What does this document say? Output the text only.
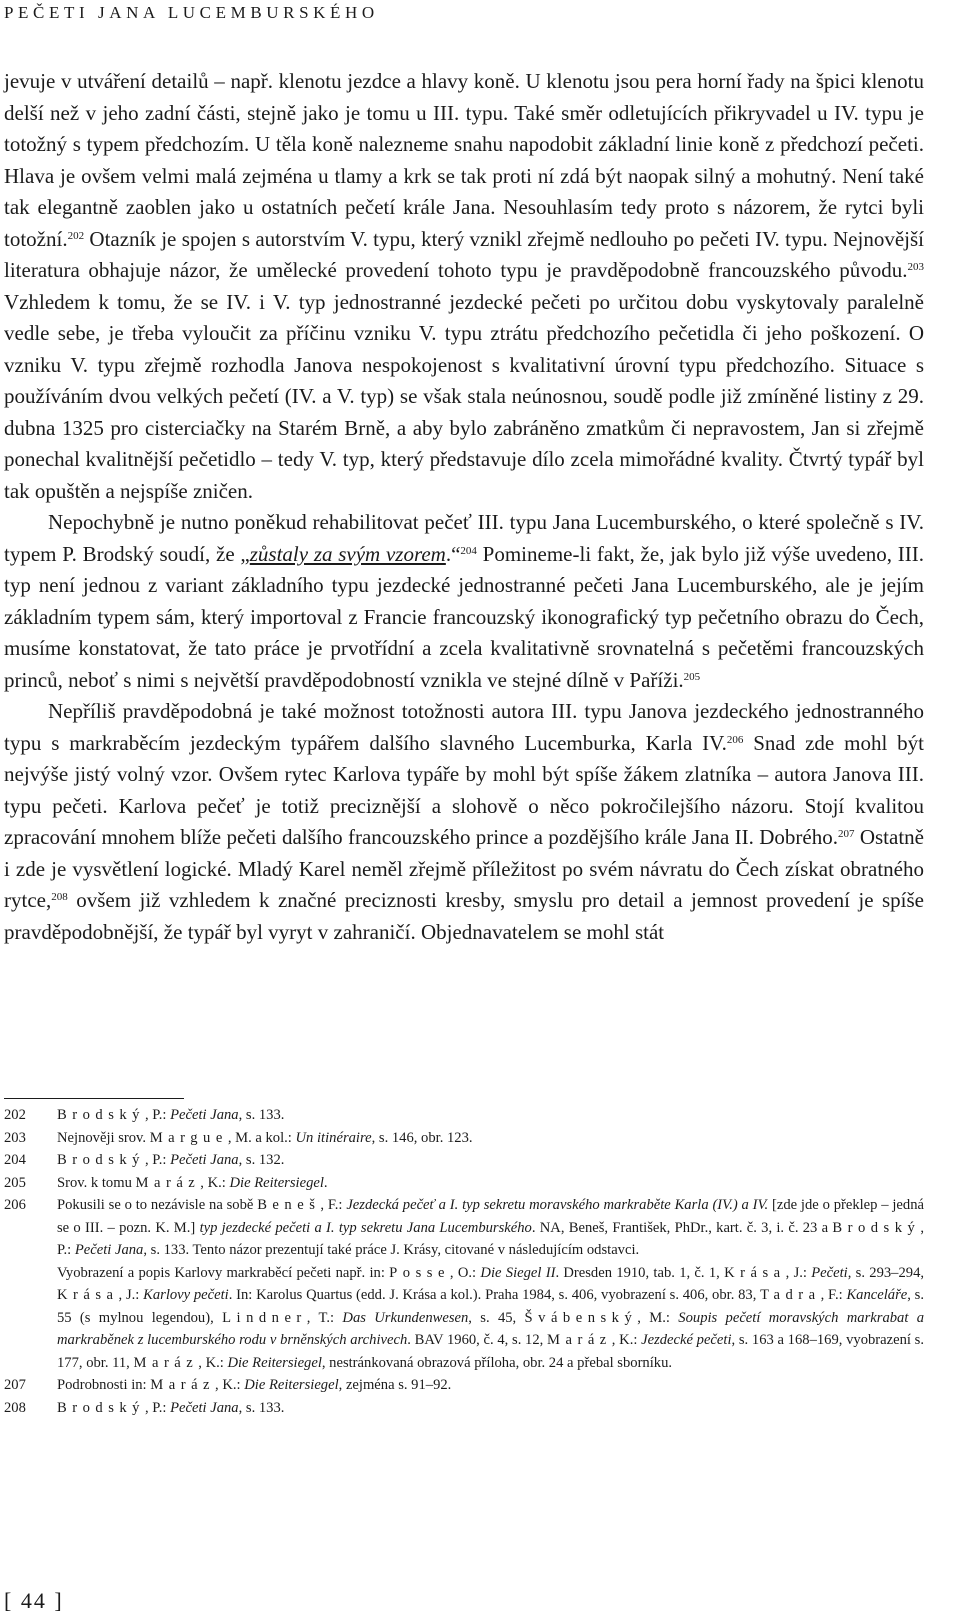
PEČETI JANA LUCEMBURSKÉHO

jevuje v utváření detailů – např. klenotu jezdce a hlavy koně. U klenotu jsou pera horní řady na špici klenotu delší než v jeho zadní části, stejně jako je tomu u III. typu. Také směr odletujících přikryvadel u IV. typu je totožný s typem předchozím. U těla koně nalezneme snahu napodobit základní linie koně z předchozí pečeti. Hlava je ovšem velmi malá zejména u tlamy a krk se tak proti ní zdá být naopak silný a mohutný. Není také tak elegantně zaoblen jako u ostatních pečetí krále Jana. Nesouhlasím tedy proto s názorem, že rytci byli totožní.$^{202}$ Otazník je spojen s autorstvím V. typu, který vznikl zřejmě nedlouho po pečeti IV. typu. Nejnovější literatura obhajuje názor, že umělecké provedení tohoto typu je pravděpodobně francouzského původu.$^{203}$ Vzhledem k tomu, že se IV. i V. typ jednostranné jezdecké pečeti po určitou dobu vyskytovaly paralelně vedle sebe, je třeba vyloučit za příčinu vzniku V. typu ztrátu předchozího pečetidla či jeho poškození. O vzniku V. typu zřejmě rozhodla Janova nespokojenost s kvalitativní úrovní typu předchozího. Situace s používáním dvou velkých pečetí (IV. a V. typ) se však stala neúnosnou, soudě podle již zmíněné listiny z 29. dubna 1325 pro cisterciačky na Starém Brně, a aby bylo zabráněno zmatkům či nepravostem, Jan si zřejmě ponechal kvalitnější pečetidlo – tedy V. typ, který představuje dílo zcela mimořádné kvality. Čtvrtý typář byl tak opuštěn a nejspíše zničen.

Nepochybně je nutno poněkud rehabilitovat pečeť III. typu Jana Lucemburského, o které společně s IV. typem P. Brodský soudí, že „zůstaly za svým vzorem.“$^{204}$ Pomineme-li fakt, že, jak bylo již výše uvedeno, III. typ není jednou z variant základního typu jezdecké jednostranné pečeti Jana Lucemburského, ale je jejím základním typem sám, který importoval z Francie francouzský ikonografický typ pečetního obrazu do Čech, musíme konstatovat, že tato práce je prvotřídní a zcela kvalitativně srovnatelná s pečetěmi francouzských princů, neboť s nimi s největší pravděpodobností vznikla ve stejné dílně v Paříži.$^{205}$

Nepříliš pravděpodobná je také možnost totožnosti autora III. typu Janova jezdeckého jednostranného typu s markraběcím jezdeckým typářem dalšího slavného Lucemburka, Karla IV.$^{206}$ Snad zde mohl být nejvýše jistý volný vzor. Ovšem rytec Karlova typáře by mohl být spíše žákem zlatníka – autora Janova III. typu pečeti. Karlova pečeť je totiž preciznější a slohově o něco pokročilejšího názoru. Stojí kvalitou zpracování mnohem blíže pečeti dalšího francouzského prince a pozdějšího krále Jana II. Dobrého.$^{207}$ Ostatně i zde je vysvětlení logické. Mladý Karel neměl zřejmě příležitost po svém návratu do Čech získat obratného rytce,$^{208}$ ovšem již vzhledem k značné preciznosti kresby, smyslu pro detail a jemnost provedení je spíše pravděpodobnější, že typář byl vyryt v zahraničí. Objednavatelem se mohl stát

202	Brodský, P.: Pečeti Jana, s. 133.
203	Nejnověji srov. Margue, M. a kol.: Un itinéraire, s. 146, obr. 123.
204	Brodský, P.: Pečeti Jana, s. 132.
205	Srov. k tomu Maráz, K.: Die Reitersiegel.
206	Pokusili se o to nezávisle na sobě Beneš, F.: Jezdecká pečeť a I. typ sekretu moravského markraběte Karla (IV.) a IV. [zde jde o překlep – jedná se o III. – pozn. K. M.] typ jezdecké pečeti a I. typ sekretu Jana Lucemburského. NA, Beneš, František, PhDr., kart. č. 3, i. č. 23 a Brodský, P.: Pečeti Jana, s. 133. Tento názor prezentují také práce J. Krásy, citované v následujícím odstavci.
Vyobrazení a popis Karlovy markraběcí pečeti např. in: Posse, O.: Die Siegel II. Dresden 1910, tab. 1, č. 1, Krása, J.: Pečeti, s. 293–294, Krása, J.: Karlovy pečeti. In: Karolus Quartus (edd. J. Krása a kol.). Praha 1984, s. 406, vyobrazení s. 406, obr. 83, Tadra, F.: Kanceláře, s. 55 (s mylnou legendou), Lindner, T.: Das Urkundenwesen, s. 45, Švábenský, M.: Soupis pečetí moravských markrabat a markraběnek z lucemburského rodu v brněnských archivech. BAV 1960, č. 4, s. 12, Maráz, K.: Jezdecké pečeti, s. 163 a 168–169, vyobrazení s. 177, obr. 11, Maráz, K.: Die Reitersiegel, nestránkovaná obrazová příloha, obr. 24 a přebal sborníku.
207	Podrobnosti in: Maráz, K.: Die Reitersiegel, zejména s. 91–92.
208	Brodský, P.: Pečeti Jana, s. 133.
[ 44 ]
